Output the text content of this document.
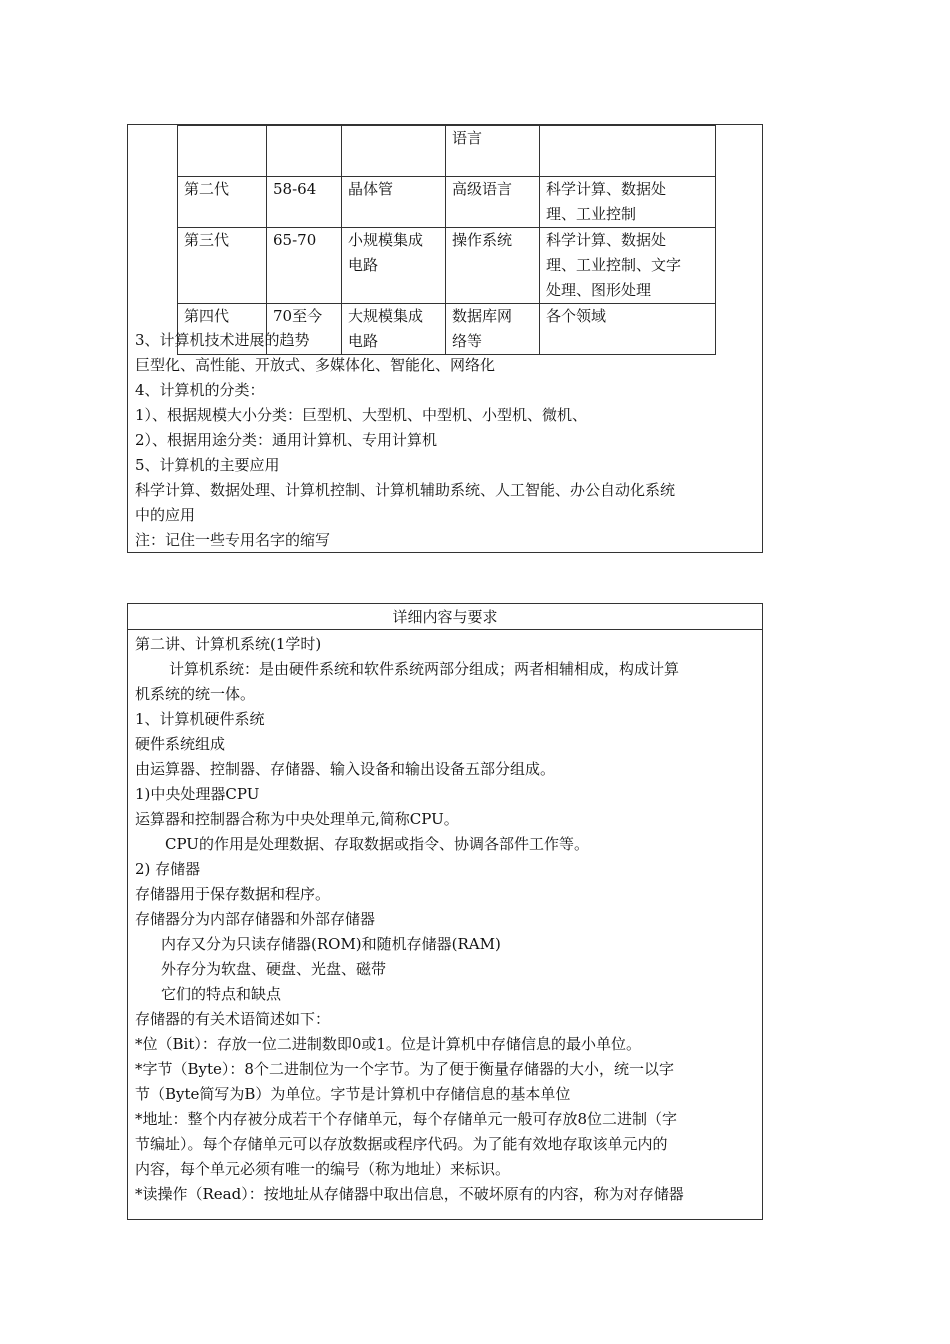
			语言	

第二代	58-64	晶体管	高级语言	科学计算、数据处
理、工业控制

第三代	65-70	小规模集成
电路	操作系统	科学计算、数据处
理、工业控制、文字
处理、图形处理

第四代	70至今	大规模集成
电路	数据库网
络等	各个领域
3、计算机技术进展的趋势
巨型化、高性能、开放式、多媒体化、智能化、网络化
4、计算机的分类：
1）、根据规模大小分类：巨型机、大型机、中型机、小型机、微机、
2）、根据用途分类：通用计算机、专用计算机
5、计算机的主要应用
科学计算、数据处理、计算机控制、计算机辅助系统、人工智能、办公自动化系统
中的应用
注：记住一些专用名字的缩写
详细内容与要求
第二讲、计算机系统(1学时)
计算机系统：是由硬件系统和软件系统两部分组成；两者相辅相成，构成计算
机系统的统一体。
1、计算机硬件系统
硬件系统组成
由运算器、控制器、存储器、输入设备和输出设备五部分组成。
1)中央处理器CPU
运算器和控制器合称为中央处理单元,简称CPU。
CPU的作用是处理数据、存取数据或指令、协调各部件工作等。
2) 存储器
存储器用于保存数据和程序。
存储器分为内部存储器和外部存储器
内存又分为只读存储器(ROM)和随机存储器(RAM)
外存分为软盘、硬盘、光盘、磁带
它们的特点和缺点
存储器的有关术语简述如下：
*位（Bit）：存放一位二进制数即0或1。位是计算机中存储信息的最小单位。
*字节（Byte）：8个二进制位为一个字节。为了便于衡量存储器的大小，统一以字
节（Byte简写为B）为单位。字节是计算机中存储信息的基本单位
*地址：整个内存被分成若干个存储单元，每个存储单元一般可存放8位二进制（字
节编址）。每个存储单元可以存放数据或程序代码。为了能有效地存取该单元内的
内容，每个单元必须有唯一的编号（称为地址）来标识。
*读操作（Read）：按地址从存储器中取出信息，不破坏原有的内容，称为对存储器
